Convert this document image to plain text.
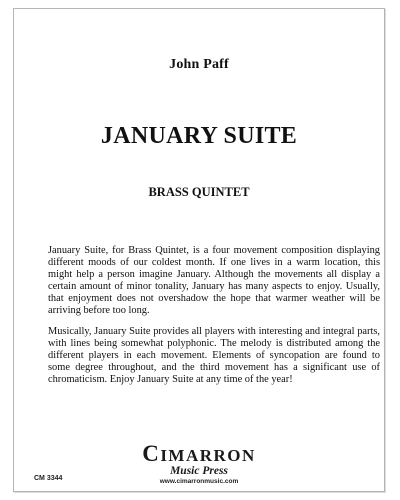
John Paff
JANUARY SUITE
BRASS QUINTET

January Suite, for Brass Quintet, is a four movement composition displaying different moods of our coldest month. If one lives in a warm location, this might help a person imagine January. Although the movements all display a certain amount of minor tonality, January has many aspects to enjoy. Usually, that enjoyment does not overshadow the hope that warmer weather will be arriving before too long.

Musically, January Suite provides all players with interesting and integral parts, with lines being somewhat polyphonic. The melody is distributed among the different players in each movement. Elements of syncopation are found to some degree throughout, and the third movement has a significant use of chromaticism. Enjoy January Suite at any time of the year!

CIMARRON
Music Press
www.cimarronmusic.com
CM 3344
